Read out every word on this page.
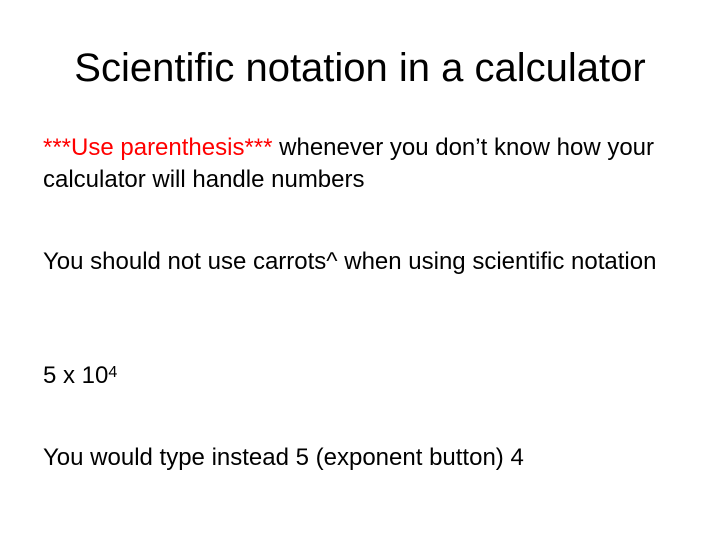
Scientific notation in a calculator
***Use parenthesis*** whenever you don’t know how your calculator will handle numbers
You should not use carrots^ when using scientific notation
5 x $10^4$
You would type instead 5 (exponent button) 4
